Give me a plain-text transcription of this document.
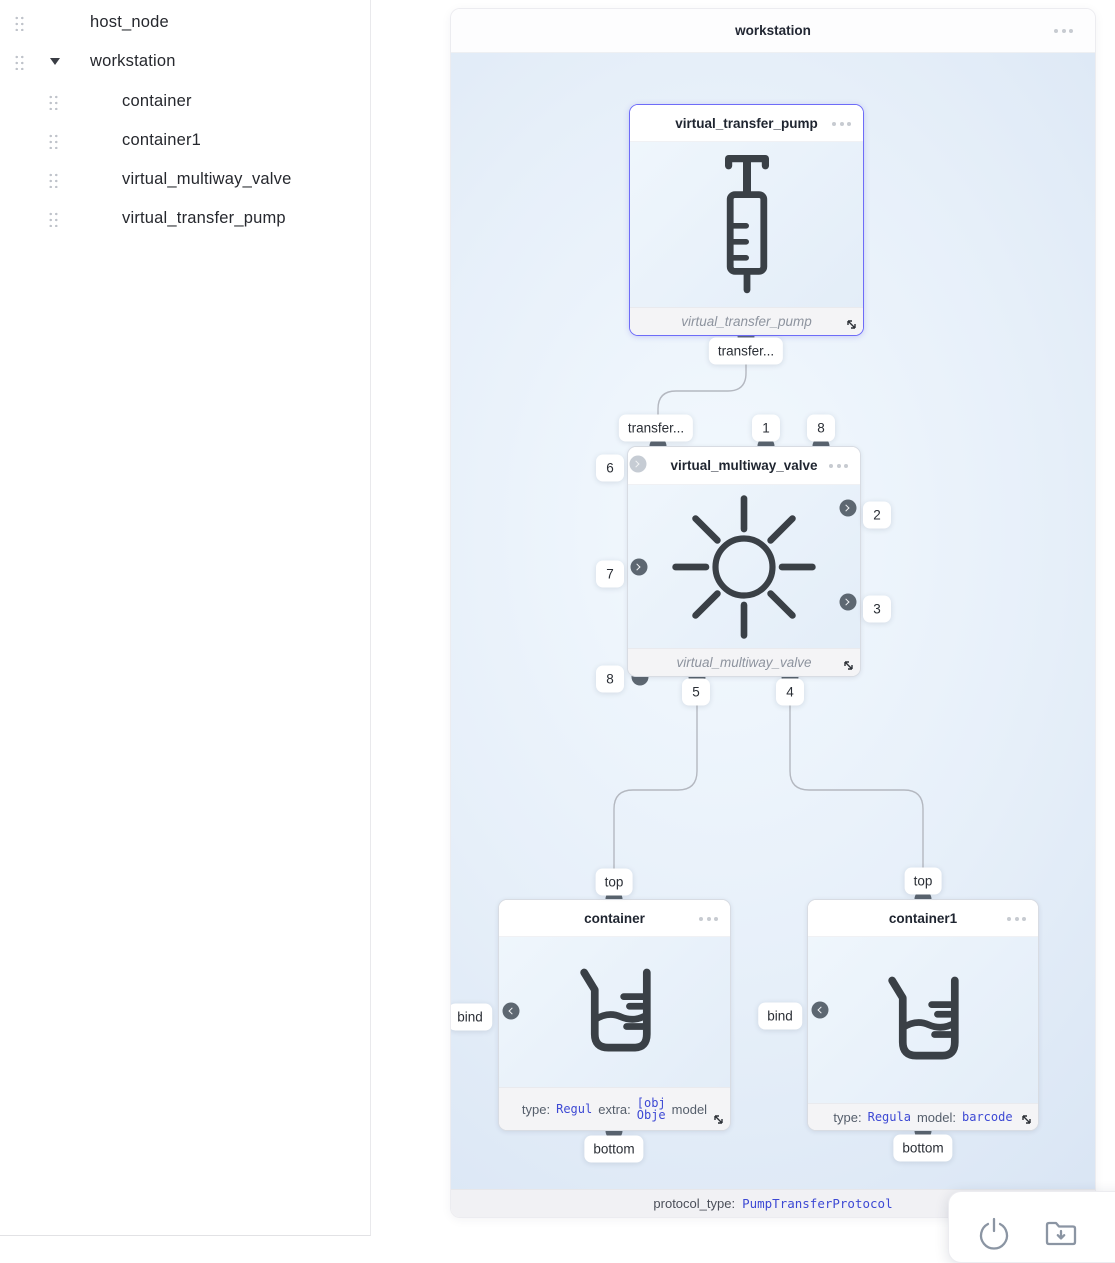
host_node
workstation
container
container1
virtual_multiway_valve
virtual_transfer_pump
workstation
virtual_transfer_pump
virtual_transfer_pump
virtual_multiway_valve
virtual_multiway_valve
container
type: Regul extra: [obj
Obje model
container1
type: Regula model: barcode
transfer...
transfer...	1	8
6
7
8
2
3
5	4
top
bottom
bind
top
bottom
bind
protocol_type: PumpTransferProtocol
